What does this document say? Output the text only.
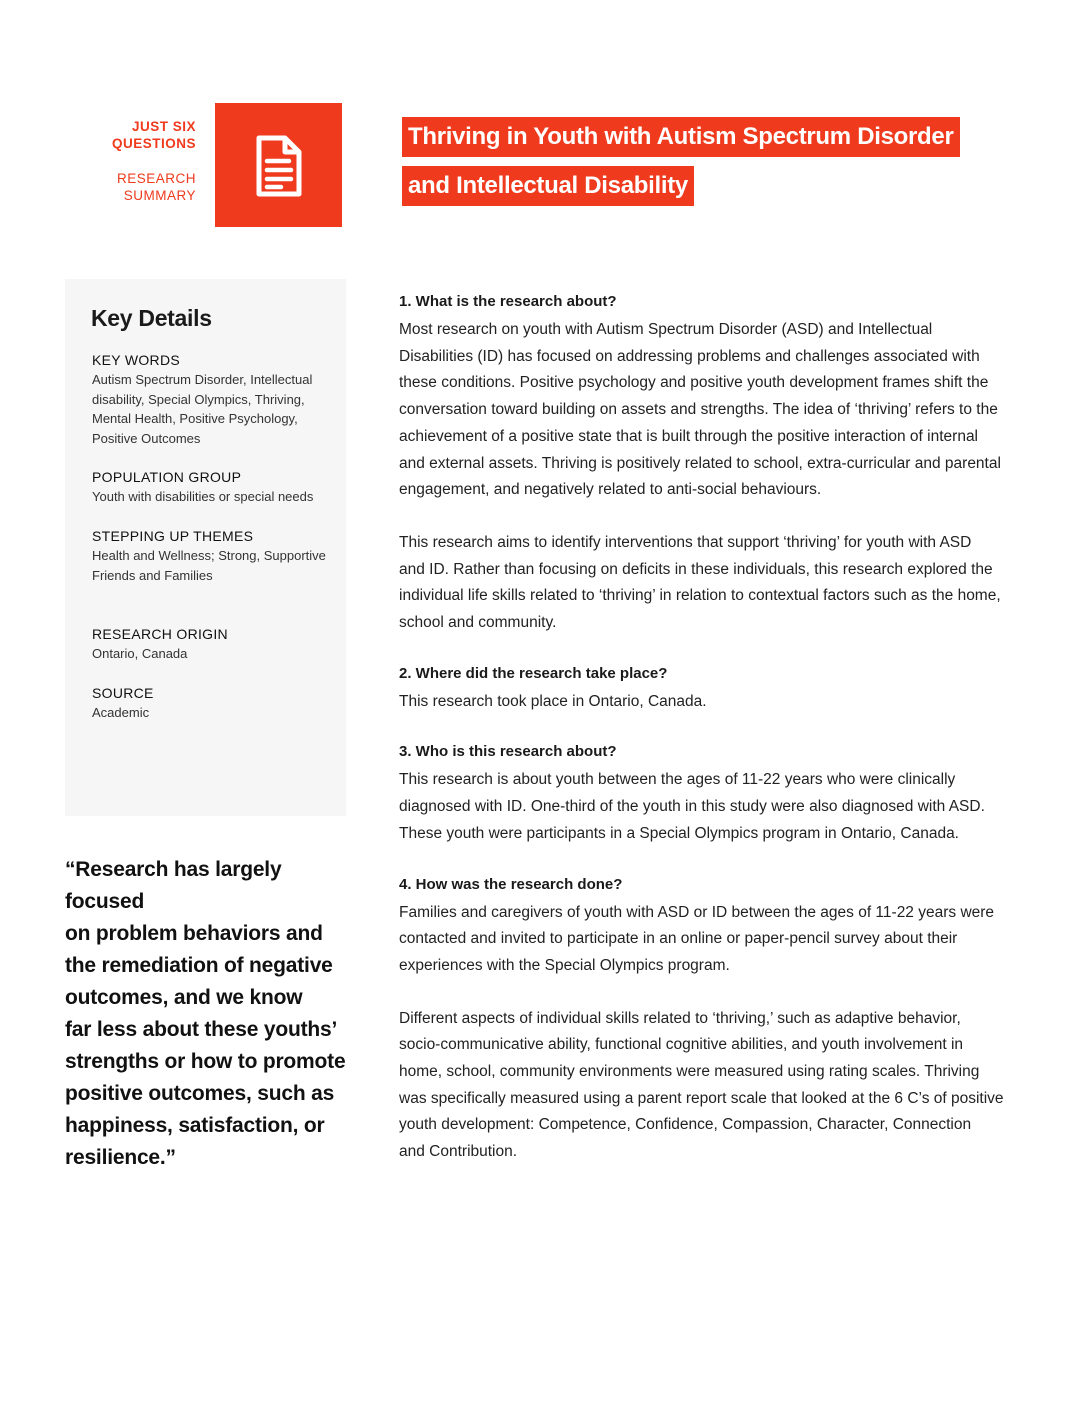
JUST SIX
QUESTIONS
RESEARCH
SUMMARY
Thriving in Youth with Autism Spectrum Disorder
and Intellectual Disability
Key Details
KEY WORDS
Autism Spectrum Disorder, Intellectual
disability, Special Olympics, Thriving,
Mental Health, Positive Psychology,
Positive Outcomes
POPULATION GROUP
Youth with disabilities or special needs
STEPPING UP THEMES
Health and Wellness; Strong, Supportive
Friends and Families
RESEARCH ORIGIN
Ontario, Canada
SOURCE
Academic
“Research has largely focused
on problem behaviors and
the remediation of negative
outcomes, and we know
far less about these youths’
strengths or how to promote
positive outcomes, such as
happiness, satisfaction, or
resilience.”
1. What is the research about?
Most research on youth with Autism Spectrum Disorder (ASD) and Intellectual
Disabilities (ID) has focused on addressing problems and challenges associated with
these conditions. Positive psychology and positive youth development frames shift the
conversation toward building on assets and strengths. The idea of ‘thriving’ refers to the
achievement of a positive state that is built through the positive interaction of internal
and external assets. Thriving is positively related to school, extra-curricular and parental
engagement, and negatively related to anti-social behaviours.
This research aims to identify interventions that support ‘thriving’ for youth with ASD
and ID. Rather than focusing on deficits in these individuals, this research explored the
individual life skills related to ‘thriving’ in relation to contextual factors such as the home,
school and community.
2. Where did the research take place?
This research took place in Ontario, Canada.
3. Who is this research about?
This research is about youth between the ages of 11-22 years who were clinically
diagnosed with ID. One-third of the youth in this study were also diagnosed with ASD.
These youth were participants in a Special Olympics program in Ontario, Canada.
4. How was the research done?
Families and caregivers of youth with ASD or ID between the ages of 11-22 years were
contacted and invited to participate in an online or paper-pencil survey about their
experiences with the Special Olympics program.
Different aspects of individual skills related to ‘thriving,’ such as adaptive behavior,
socio-communicative ability, functional cognitive abilities, and youth involvement in
home, school, community environments were measured using rating scales. Thriving
was specifically measured using a parent report scale that looked at the 6 C’s of positive
youth development: Competence, Confidence, Compassion, Character, Connection
and Contribution.
